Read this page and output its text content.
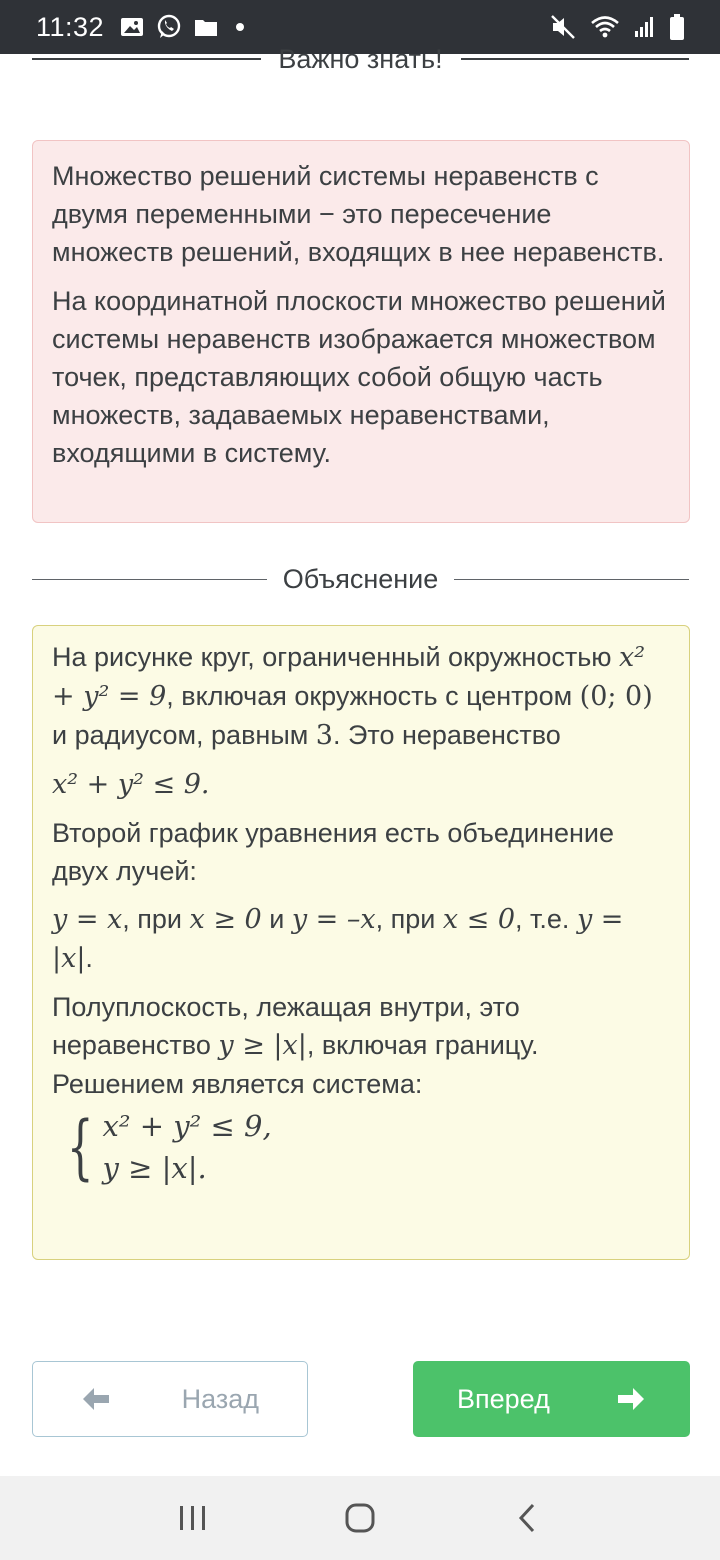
11:32
Важно знать!

Множество решений системы неравенств с двумя переменными − это пересечение множеств решений, входящих в нее неравенств.

На координатной плоскости множество решений системы неравенств изображается множеством точек, представляющих собой общую часть множеств, задаваемых неравенствами, входящими в систему.

Объяснение

На рисунке круг, ограниченный окружностью x² + y² = 9, включая окружность с центром (0; 0) и радиусом, равным 3. Это неравенство

x² + y² ≤ 9.

Второй график уравнения есть объединение двух лучей:

y = x, при x ≥ 0 и y = –x, при x ≤ 0, т.е. y = |x|.

Полуплоскость, лежащая внутри, это неравенство y ≥ |x|, включая границу.

Решением является система:

{ x² + y² ≤ 9,
y ≥ |x|.
Назад	Вперед
